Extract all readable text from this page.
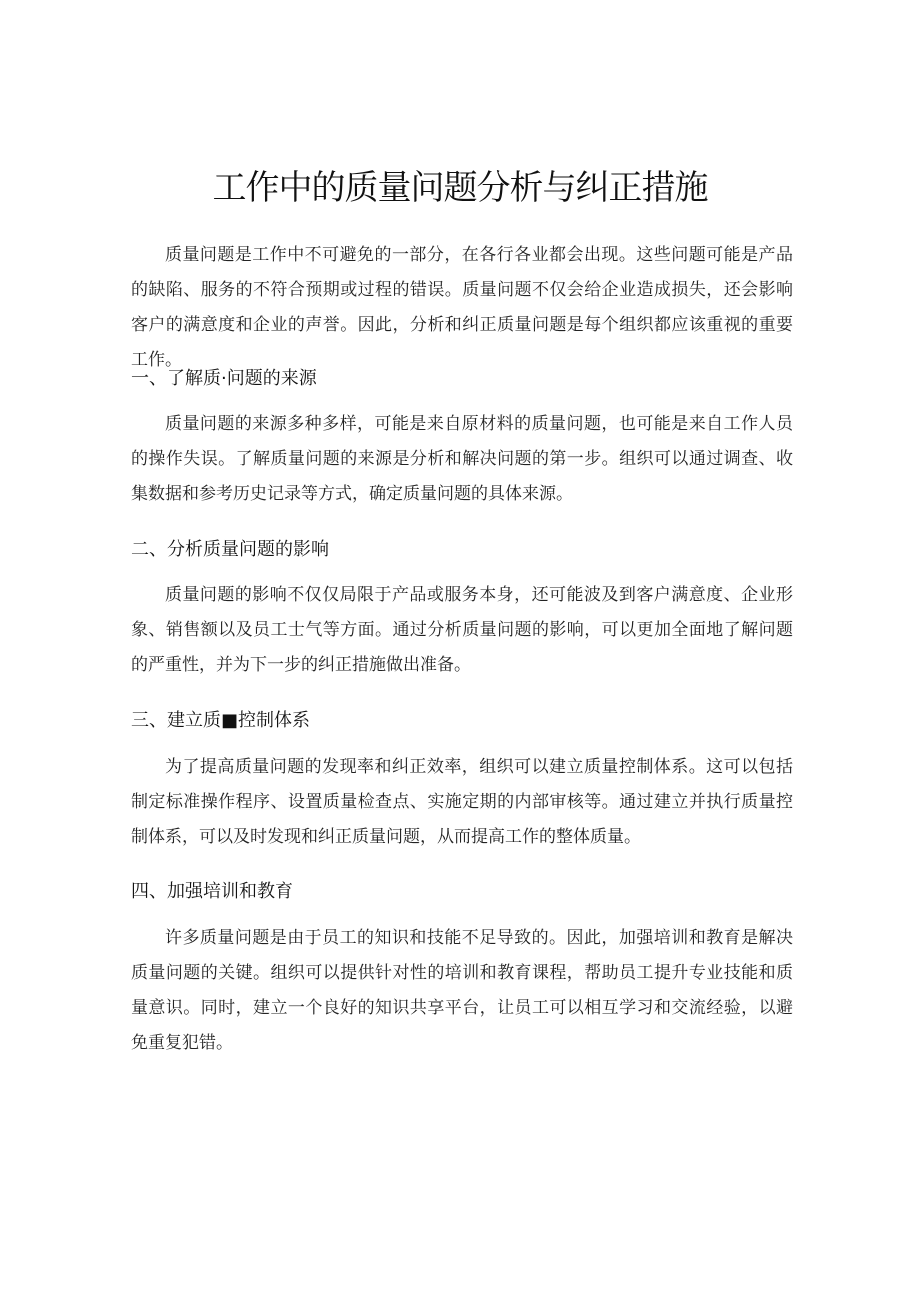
工作中的质量问题分析与纠正措施

质量问题是工作中不可避免的一部分，在各行各业都会出现。这些问题可能是产品的缺陷、服务的不符合预期或过程的错误。质量问题不仅会给企业造成损失，还会影响客户的满意度和企业的声誉。因此，分析和纠正质量问题是每个组织都应该重视的重要工作。

一、了解质·问题的来源

质量问题的来源多种多样，可能是来自原材料的质量问题，也可能是来自工作人员的操作失误。了解质量问题的来源是分析和解决问题的第一步。组织可以通过调查、收集数据和参考历史记录等方式，确定质量问题的具体来源。

二、分析质量问题的影响

质量问题的影响不仅仅局限于产品或服务本身，还可能波及到客户满意度、企业形象、销售额以及员工士气等方面。通过分析质量问题的影响，可以更加全面地了解问题的严重性，并为下一步的纠正措施做出准备。

三、建立质■控制体系

为了提高质量问题的发现率和纠正效率，组织可以建立质量控制体系。这可以包括制定标准操作程序、设置质量检查点、实施定期的内部审核等。通过建立并执行质量控制体系，可以及时发现和纠正质量问题，从而提高工作的整体质量。

四、加强培训和教育

许多质量问题是由于员工的知识和技能不足导致的。因此，加强培训和教育是解决质量问题的关键。组织可以提供针对性的培训和教育课程，帮助员工提升专业技能和质量意识。同时，建立一个良好的知识共享平台，让员工可以相互学习和交流经验，以避免重复犯错。
